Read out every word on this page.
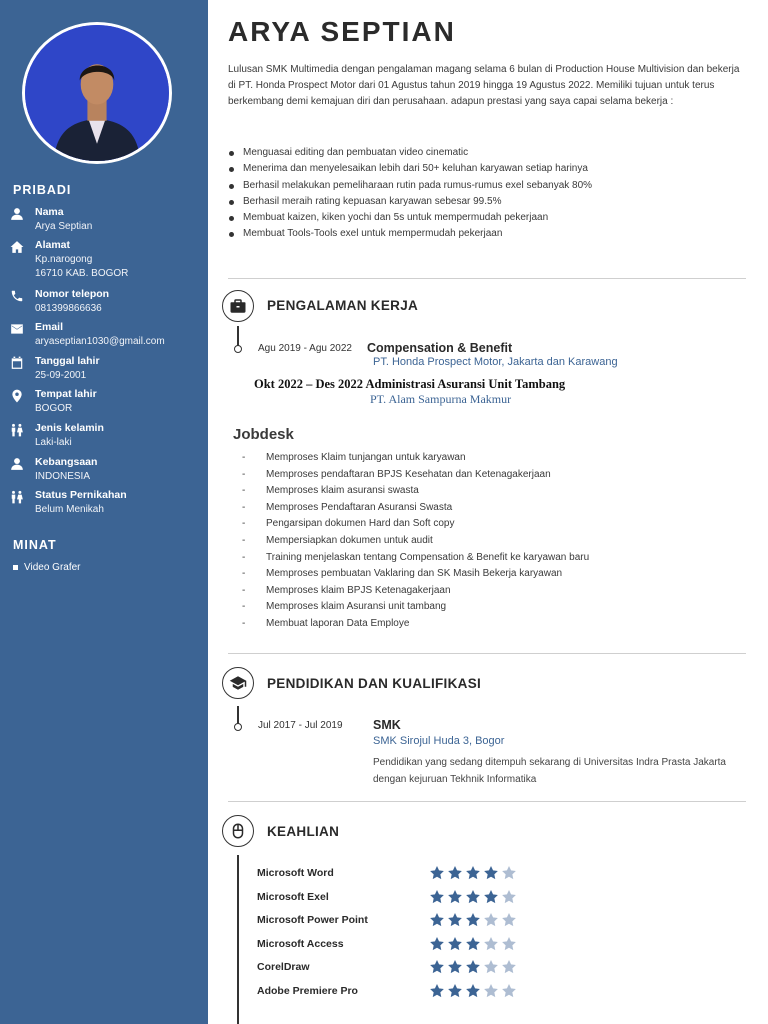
PRIBADI
Nama
Arya Septian
Alamat
Kp.narogong
16710 KAB. BOGOR
Nomor telepon
081399866636
Email
aryaseptian1030@gmail.com
Tanggal lahir
25-09-2001
Tempat lahir
BOGOR
Jenis kelamin
Laki-laki
Kebangsaan
INDONESIA
Status Pernikahan
Belum Menikah
MINAT
Video Grafer
ARYA SEPTIAN

Lulusan SMK Multimedia dengan pengalaman magang selama 6 bulan di Production House Multivision dan bekerja di PT. Honda Prospect Motor dari 01 Agustus tahun 2019 hingga 19 Agustus 2022. Memiliki tujuan untuk terus berkembang demi kemajuan diri dan perusahaan. adapun prestasi yang saya capai selama bekerja :

Menguasai editing dan pembuatan video cinematic
Menerima dan menyelesaikan lebih dari 50+ keluhan karyawan setiap harinya
Berhasil melakukan pemeliharaan rutin pada rumus-rumus exel sebanyak 80%
Berhasil meraih rating kepuasan karyawan sebesar 99.5%
Membuat kaizen, kiken yochi dan 5s untuk mempermudah pekerjaan
Membuat Tools-Tools exel untuk mempermudah pekerjaan
PENGALAMAN KERJA
Agu 2019 - Agu 2022 Compensation & Benefit
PT. Honda Prospect Motor, Jakarta dan Karawang
Okt 2022 – Des 2022 Administrasi Asuransi Unit Tambang
PT. Alam Sampurna Makmur
Jobdesk
- Memproses Klaim tunjangan untuk karyawan
- Memproses pendaftaran BPJS Kesehatan dan Ketenagakerjaan
- Memproses klaim asuransi swasta
- Memproses Pendaftaran Asuransi Swasta
- Pengarsipan dokumen Hard dan Soft copy
- Mempersiapkan dokumen untuk audit
- Training menjelaskan tentang Compensation & Benefit ke karyawan baru
- Memproses pembuatan Vaklaring dan SK Masih Bekerja karyawan
- Memproses klaim BPJS Ketenagakerjaan
- Memproses klaim Asuransi unit tambang
- Membuat laporan Data Employe
PENDIDIKAN DAN KUALIFIKASI
Jul 2017 - Jul 2019 SMK
SMK Sirojul Huda 3, Bogor

Pendidikan yang sedang ditempuh sekarang di Universitas Indra Prasta Jakarta dengan kejuruan Tekhnik Informatika

KEAHLIAN
Microsoft Word
Microsoft Exel
Microsoft Power Point
Microsoft Access
CorelDraw
Adobe Premiere Pro
